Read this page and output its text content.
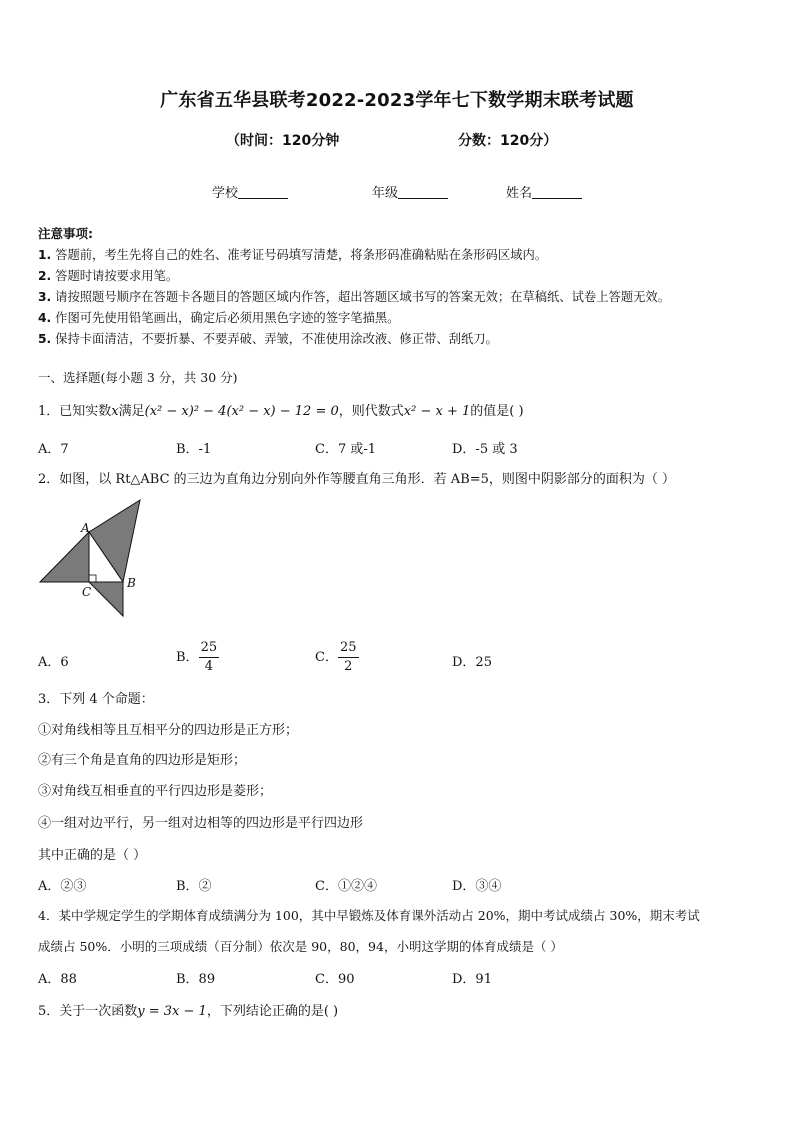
广东省五华县联考2022-2023学年七下数学期末联考试题
（时间：120分钟	分数：120分）
学校	年级	姓名
注意事项:
1. 答题前，考生先将自己的姓名、准考证号码填写清楚，将条形码准确粘贴在条形码区域内。
2. 答题时请按要求用笔。
3. 请按照题号顺序在答题卡各题目的答题区域内作答，超出答题区域书写的答案无效；在草稿纸、试卷上答题无效。
4. 作图可先使用铅笔画出，确定后必须用黑色字迹的签字笔描黑。
5. 保持卡面清洁，不要折暴、不要弄破、弄皱，不准使用涂改液、修正带、刮纸刀。
一、选择题(每小题 3 分，共 30 分)
1．已知实数x满足(x² − x)² − 4(x² − x) − 12 = 0，则代数式x² − x + 1的值是( )
A．7	B．-1	C．7 或-1	D．-5 或 3
2．如图，以 Rt△ABC 的三边为直角边分别向外作等腰直角三角形．若 AB=5，则图中阴影部分的面积为（ ）
A
B
C
A．6	B． $\frac{25}{4}$	C． $\frac{25}{2}$	D．25
3．下列 4 个命题：
①对角线相等且互相平分的四边形是正方形；
②有三个角是直角的四边形是矩形；
③对角线互相垂直的平行四边形是菱形；
④一组对边平行，另一组对边相等的四边形是平行四边形
其中正确的是（ ）
A．②③	B．②	C．①②④	D．③④
4．某中学规定学生的学期体育成绩满分为 100，其中早锻炼及体育课外活动占 20%，期中考试成绩占 30%，期末考试
成绩占 50%．小明的三项成绩（百分制）依次是 90，80，94，小明这学期的体育成绩是（ ）
A．88	B．89	C．90	D．91
5．关于一次函数y = 3x − 1，下列结论正确的是( )
